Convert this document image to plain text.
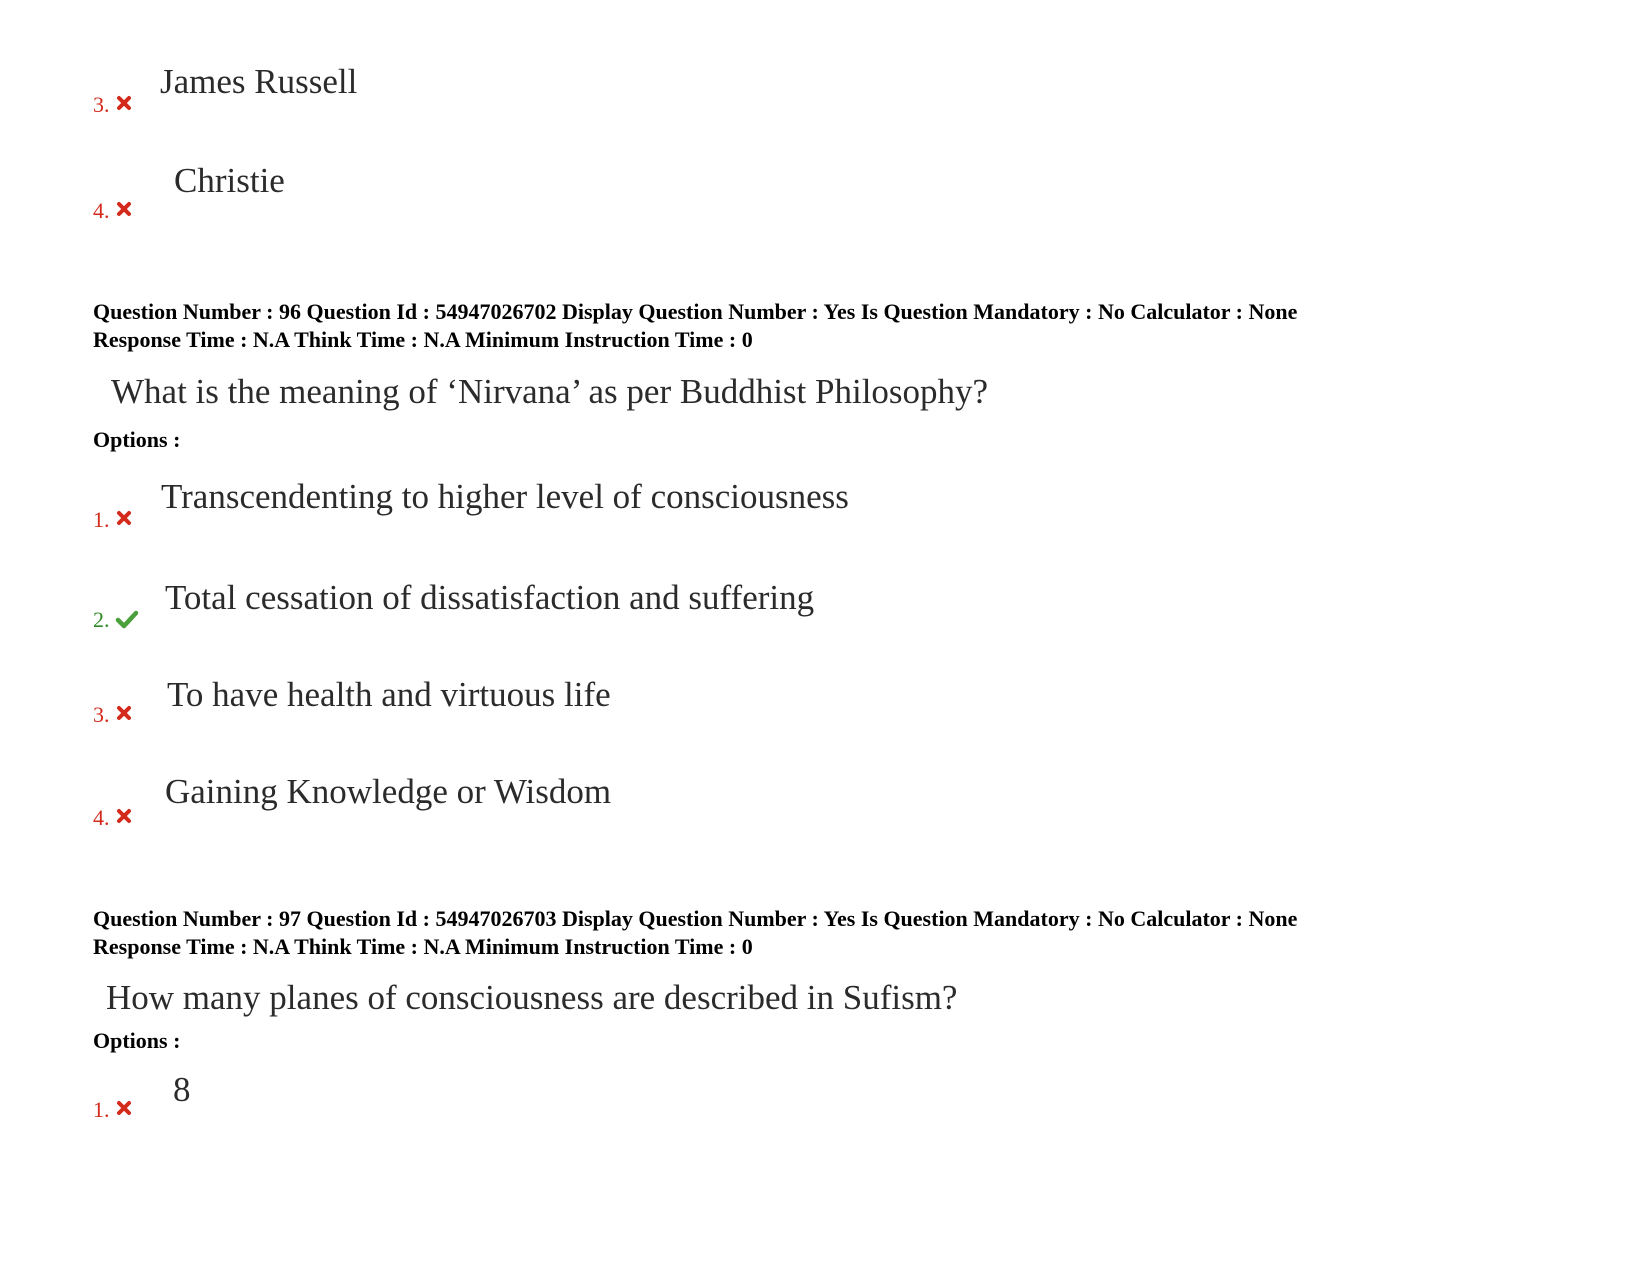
James Russell
3.
Christie
4.
Question Number : 96 Question Id : 54947026702 Display Question Number : Yes Is Question Mandatory : No Calculator : None
Response Time : N.A Think Time : N.A Minimum Instruction Time : 0
What is the meaning of ‘Nirvana’ as per Buddhist Philosophy?
Options :
Transcendenting to higher level of consciousness
1.
Total cessation of dissatisfaction and suffering
2.
To have health and virtuous life
3.
Gaining Knowledge or Wisdom
4.
Question Number : 97 Question Id : 54947026703 Display Question Number : Yes Is Question Mandatory : No Calculator : None
Response Time : N.A Think Time : N.A Minimum Instruction Time : 0
How many planes of consciousness are described in Sufism?
Options :
8
1.
